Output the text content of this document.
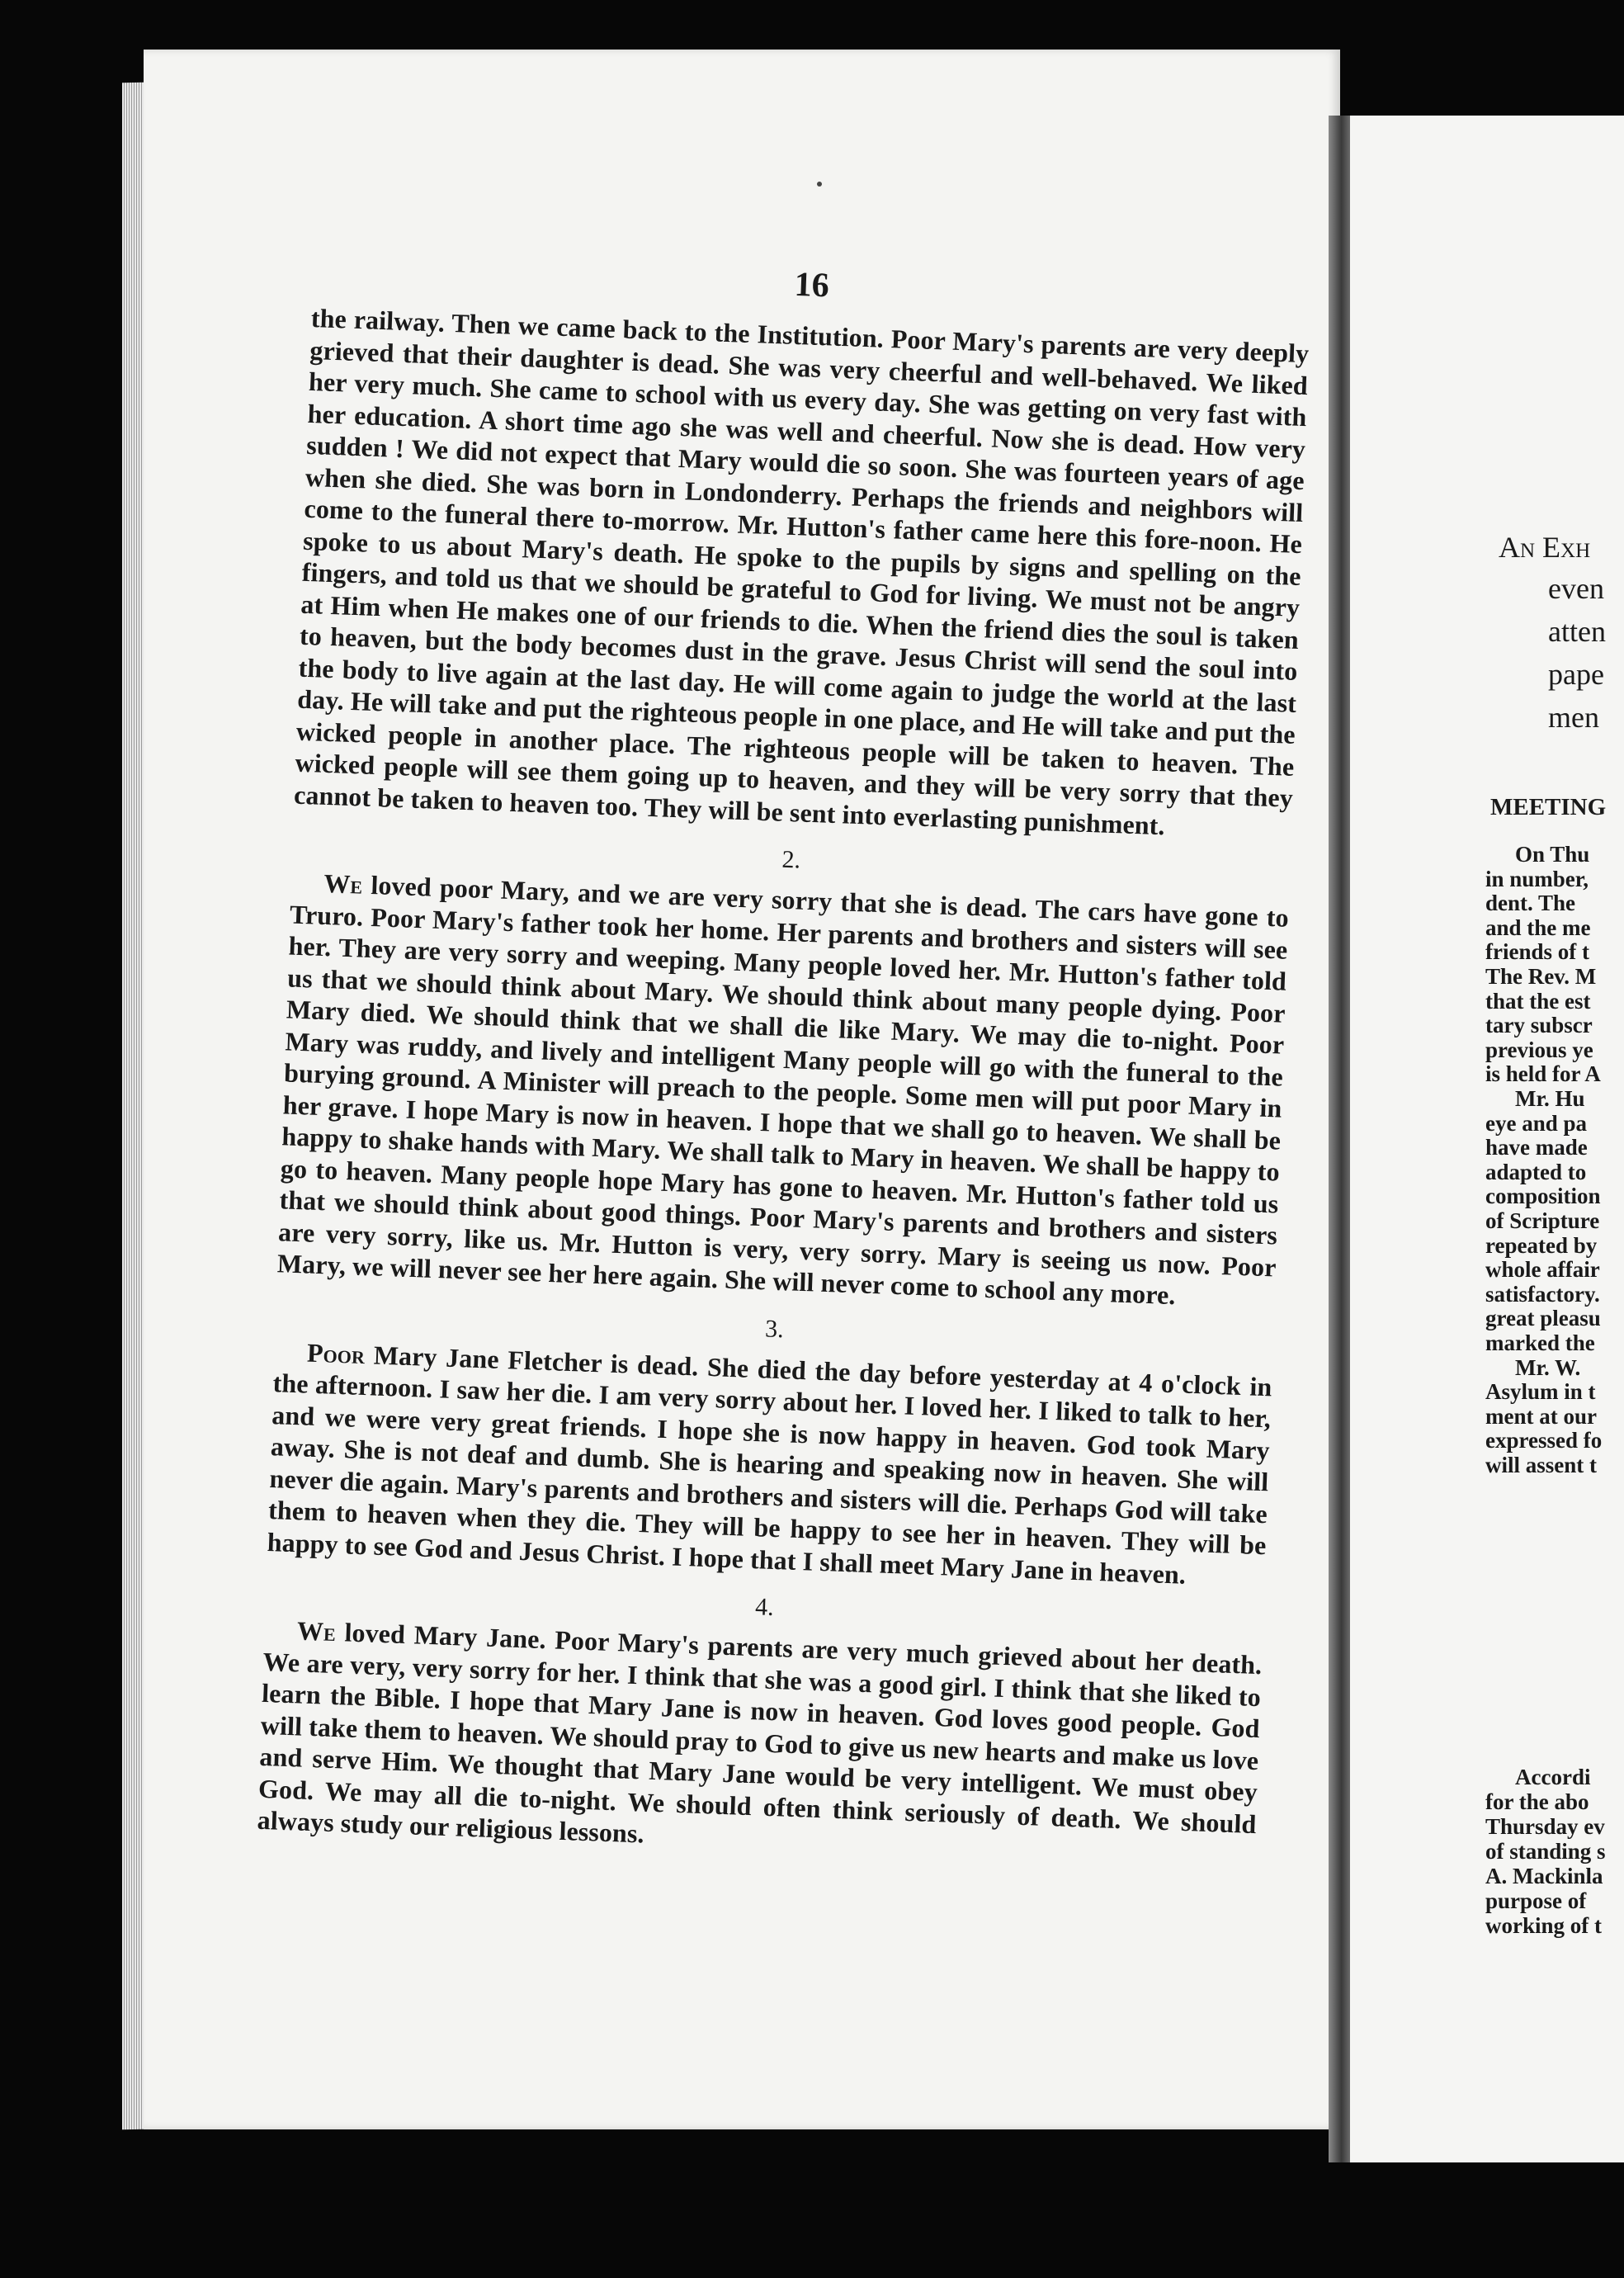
16

the railway. Then we came back to the Institution. Poor Mary's parents are very deeply grieved that their daughter is dead. She was very cheerful and well-behaved. We liked her very much. She came to school with us every day. She was getting on very fast with her education. A short time ago she was well and cheerful. Now she is dead. How very sudden ! We did not expect that Mary would die so soon. She was fourteen years of age when she died. She was born in Londonderry. Perhaps the friends and neighbors will come to the funeral there to-morrow. Mr. Hutton's father came here this fore-noon. He spoke to us about Mary's death. He spoke to the pupils by signs and spelling on the fingers, and told us that we should be grateful to God for living. We must not be angry at Him when He makes one of our friends to die. When the friend dies the soul is taken to heaven, but the body becomes dust in the grave. Jesus Christ will send the soul into the body to live again at the last day. He will come again to judge the world at the last day. He will take and put the righteous people in one place, and He will take and put the wicked people in another place. The righteous people will be taken to heaven. The wicked people will see them going up to heaven, and they will be very sorry that they cannot be taken to heaven too. They will be sent into everlasting punishment.

2.

We loved poor Mary, and we are very sorry that she is dead. The cars have gone to Truro. Poor Mary's father took her home. Her parents and brothers and sisters will see her. They are very sorry and weeping. Many people loved her. Mr. Hutton's father told us that we should think about Mary. We should think about many people dying. Poor Mary died. We should think that we shall die like Mary. We may die to-night. Poor Mary was ruddy, and lively and intelligent Many people will go with the funeral to the burying ground. A Minister will preach to the people. Some men will put poor Mary in her grave. I hope Mary is now in heaven. I hope that we shall go to heaven. We shall be happy to shake hands with Mary. We shall talk to Mary in heaven. We shall be happy to go to heaven. Many people hope Mary has gone to heaven. Mr. Hutton's father told us that we should think about good things. Poor Mary's parents and brothers and sisters are very sorry, like us. Mr. Hutton is very, very sorry. Mary is seeing us now. Poor Mary, we will never see her here again. She will never come to school any more.

3.

Poor Mary Jane Fletcher is dead. She died the day before yesterday at 4 o'clock in the afternoon. I saw her die. I am very sorry about her. I loved her. I liked to talk to her, and we were very great friends. I hope she is now happy in heaven. God took Mary away. She is not deaf and dumb. She is hearing and speaking now in heaven. She will never die again. Mary's parents and brothers and sisters will die. Perhaps God will take them to heaven when they die. They will be happy to see her in heaven. They will be happy to see God and Jesus Christ. I hope that I shall meet Mary Jane in heaven.

4.

We loved Mary Jane. Poor Mary's parents are very much grieved about her death. We are very, very sorry for her. I think that she was a good girl. I think that she liked to learn the Bible. I hope that Mary Jane is now in heaven. God loves good people. God will take them to heaven. We should pray to God to give us new hearts and make us love and serve Him. We thought that Mary Jane would be very intelligent. We must obey God. We may all die to-night. We should often think seriously of death. We should always study our religious lessons.

An Exh
even
atten
pape
men
MEETING
On Thu
in number,
dent. The
and the me
friends of t
The Rev. M
that the est
tary subscr
previous ye
is held for A
Mr. Hu
eye and pa
have made
adapted to
composition
of Scripture
repeated by
whole affair
satisfactory.
great pleasu
marked the
Mr. W.
Asylum in t
ment at our
expressed fo
will assent t
Accordi
for the abo
Thursday ev
of standing s
A. Mackinla
purpose of
working of t
